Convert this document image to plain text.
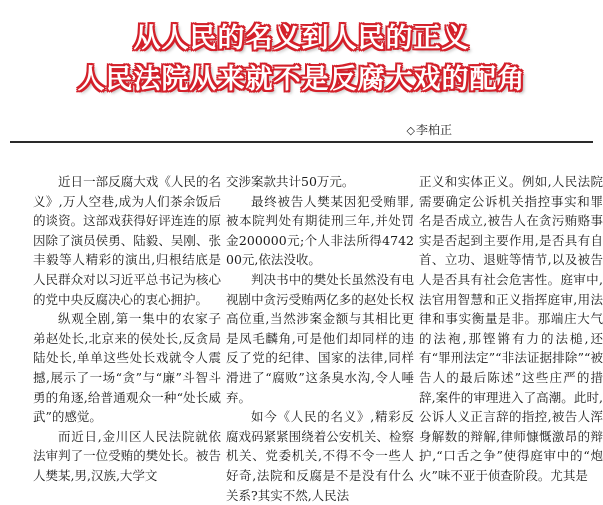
从人民的名义到人民的正义
人民法院从来就不是反腐大戏的配角
◇李柏正

近日一部反腐大戏《人民的名义》,万人空巷,成为人们茶余饭后的谈资。这部戏获得好评连连的原因除了演员侯勇、陆毅、吴刚、张丰毅等人精彩的演出,归根结底是人民群众对以习近平总书记为核心的党中央反腐决心的衷心拥护。

纵观全剧,第一集中的农家子弟赵处长,北京来的侯处长,反贪局陆处长,单单这些处长戏就令人震撼,展示了一场“贪”与“廉”斗智斗勇的角逐,给普通观众一种“处长威武”的感觉。

而近日,金川区人民法院就依法审判了一位受贿的樊处长。被告人樊某,男,汉族,大学文

交涉案款共计50万元。

最终被告人樊某因犯受贿罪,被本院判处有期徒刑三年,并处罚金200000元;个人非法所得474200元,依法没收。

判决书中的樊处长虽然没有电视剧中贪污受贿两亿多的赵处长权高位重,当然涉案金额与其相比更是凤毛麟角,可是他们却同样的违反了党的纪律、国家的法律,同样滑进了“腐败”这条臭水沟,令人唾弃。

如今《人民的名义》,精彩反腐戏码紧紧围绕着公安机关、检察机关、党委机关,不得不令一些人好奇,法院和反腐是不是没有什么关系?其实不然,人民法

正义和实体正义。例如,人民法院需要确定公诉机关指控事实和罪名是否成立,被告人在贪污贿赂事实是否起到主要作用,是否具有自首、立功、退赃等情节,以及被告人是否具有社会危害性。庭审中,法官用智慧和正义指挥庭审,用法律和事实衡量是非。那端庄大气的法袍,那铿锵有力的法槌,还有“罪刑法定”“非法证据排除”“被告人的最后陈述”这些庄严的措辞,案件的审理进入了高潮。此时,公诉人义正言辞的指控,被告人浑身解数的辩解,律师慷慨激昂的辩护,“口舌之争”使得庭审中的“炮火”味不亚于侦查阶段。尤其是
